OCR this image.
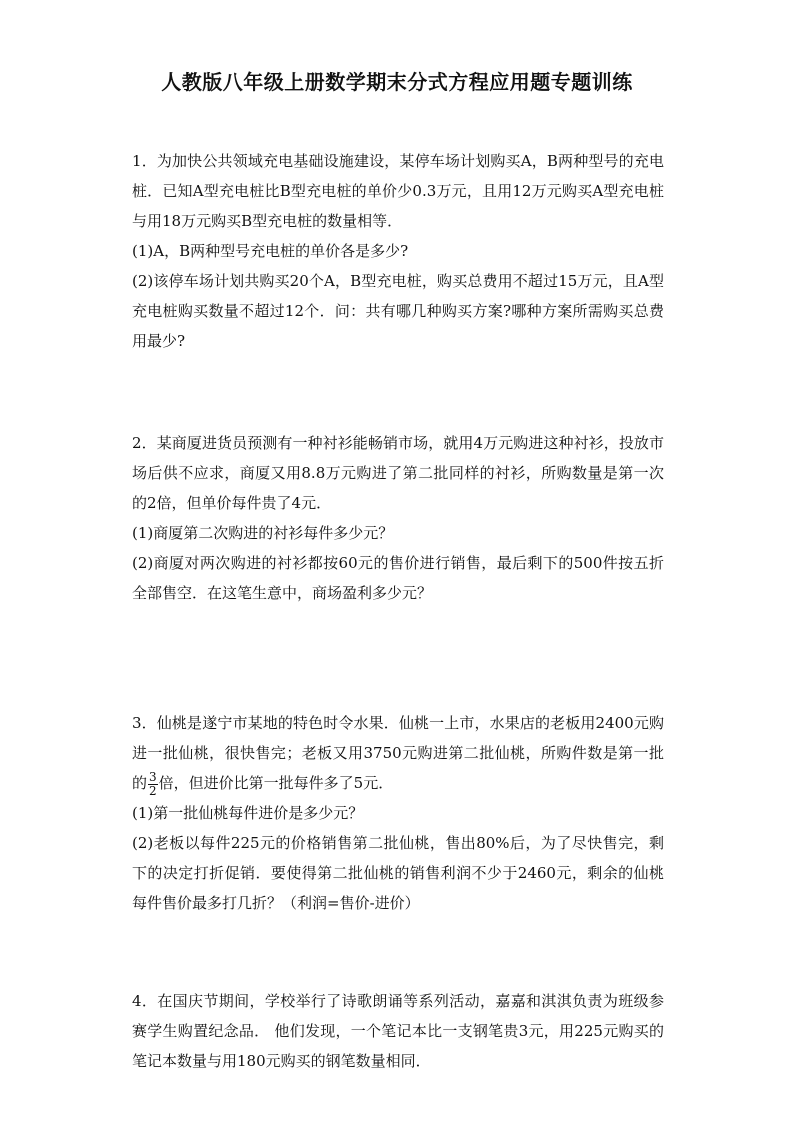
人教版八年级上册数学期末分式方程应用题专题训练

1．为加快公共领域充电基础设施建设，某停车场计划购买A，B两种型号的充电桩．已知A型充电桩比B型充电桩的单价少0.3万元，且用12万元购买A型充电桩与用18万元购买B型充电桩的数量相等．

(1)A，B两种型号充电桩的单价各是多少?

(2)该停车场计划共购买20个A，B型充电桩，购买总费用不超过15万元，且A型充电桩购买数量不超过12个．问：共有哪几种购买方案?哪种方案所需购买总费用最少?

2．某商厦进货员预测有一种衬衫能畅销市场，就用4万元购进这种衬衫，投放市场后供不应求，商厦又用8.8万元购进了第二批同样的衬衫，所购数量是第一次的2倍，但单价每件贵了4元．

(1)商厦第二次购进的衬衫每件多少元？

(2)商厦对两次购进的衬衫都按60元的售价进行销售，最后剩下的500件按五折全部售空．在这笔生意中，商场盈利多少元？

3．仙桃是遂宁市某地的特色时令水果．仙桃一上市，水果店的老板用2400元购进一批仙桃，很快售完；老板又用3750元购进第二批仙桃，所购件数是第一批的 $\frac{3}{2}$ 倍，但进价比第一批每件多了5元．

(1)第一批仙桃每件进价是多少元？

(2)老板以每件225元的价格销售第二批仙桃，售出80%后，为了尽快售完，剩下的决定打折促销．要使得第二批仙桃的销售利润不少于2460元，剩余的仙桃每件售价最多打几折？（利润=售价-进价）

4．在国庆节期间，学校举行了诗歌朗诵等系列活动，嘉嘉和淇淇负责为班级参赛学生购置纪念品． 他们发现，一个笔记本比一支钢笔贵3元，用225元购买的笔记本数量与用180元购买的钢笔数量相同．
